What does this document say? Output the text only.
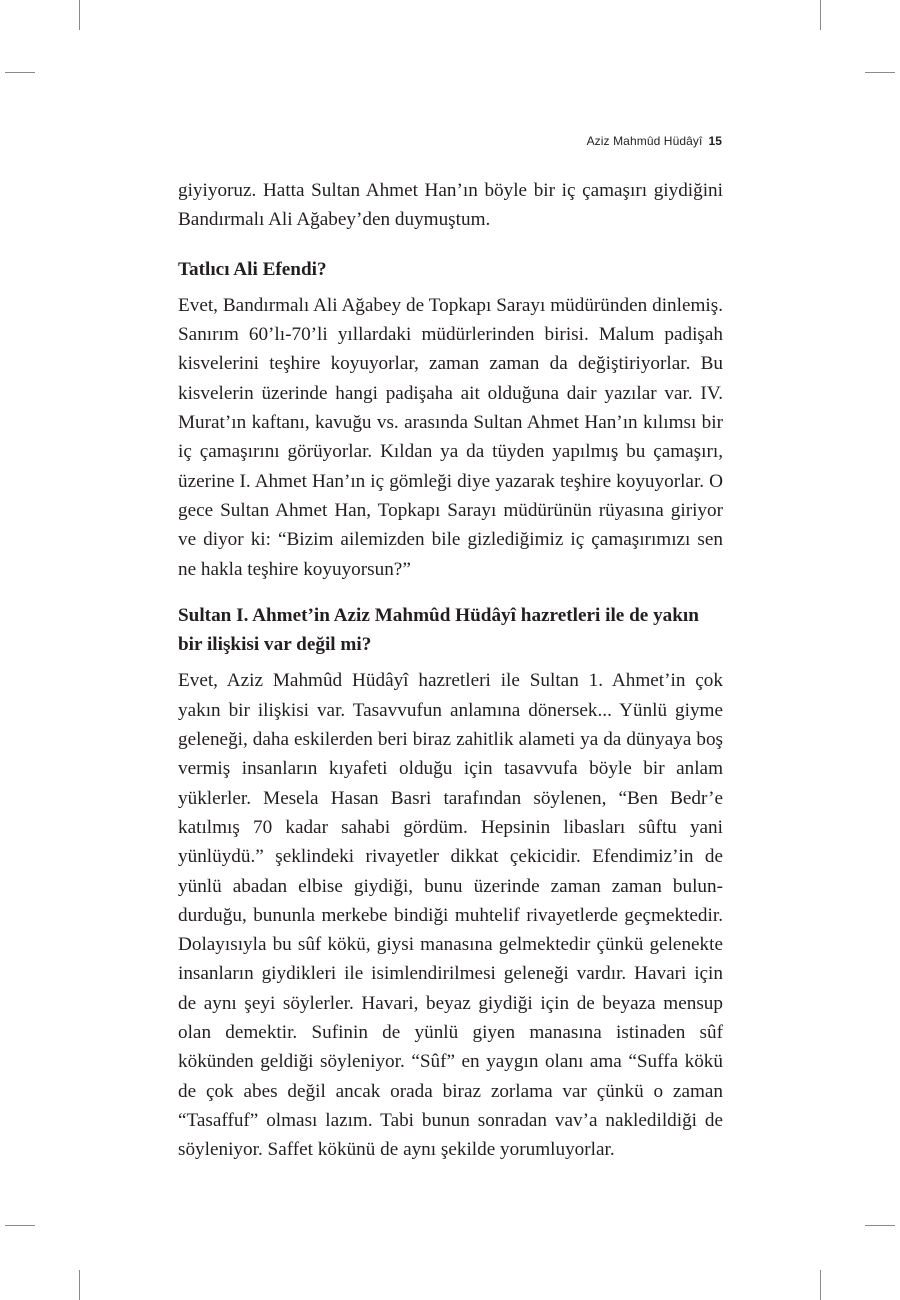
Aziz Mahmûd Hüdâyî 15

giyiyoruz. Hatta Sultan Ahmet Han’ın böyle bir iç çamaşırı giydiğini Bandırmalı Ali Ağabey’den duymuştum.

Tatlıcı Ali Efendi?

Evet, Bandırmalı Ali Ağabey de Topkapı Sarayı müdüründen dinlemiş. Sanırım 60’lı-70’li yıllardaki müdürlerinden birisi. Malum padişah kisvelerini teşhire koyuyorlar, zaman zaman da değiştiriyorlar. Bu kisvelerin üzerinde hangi padişaha ait olduğuna dair yazılar var. IV. Murat’ın kaftanı, kavuğu vs. arasında Sultan Ahmet Han’ın kılımsı bir iç çamaşırını görüyorlar. Kıldan ya da tüyden yapılmış bu çamaşırı, üzerine I. Ahmet Han’ın iç gömleği diye yazarak teşhire koyuyorlar. O gece Sultan Ahmet Han, Topkapı Sarayı müdürünün rüyasına giriyor ve diyor ki: “Bizim ailemizden bile gizlediğimiz iç çamaşırımızı sen ne hakla teşhire koyuyorsun?”

Sultan I. Ahmet’in Aziz Mahmûd Hüdâyî hazretleri ile de yakın bir ilişkisi var değil mi?

Evet, Aziz Mahmûd Hüdâyî hazretleri ile Sultan 1. Ahmet’in çok yakın bir ilişkisi var. Tasavvufun anlamına dönersek... Yünlü giyme geleneği, daha eskilerden beri biraz zahitlik alameti ya da dünyaya boş vermiş insanların kıyafeti olduğu için tasavvufa böyle bir anlam yüklerler. Mesela Hasan Basri tarafından söylenen, “Ben Bedr’e katılmış 70 kadar sahabi gördüm. Hepsinin libasları sûftu yani yünlüydü.” şeklindeki rivayetler dikkat çekicidir. Efendimiz’in de yünlü abadan elbise giydiği, bunu üzerinde zaman zaman bulundurduğu, bununla merkebe bindiği muhtelif rivayetlerde geçmektedir. Dolayısıyla bu sûf kökü, giysi manasına gelmektedir çünkü gelenekte insanların giydikleri ile isimlendirilmesi geleneği vardır. Havari için de aynı şeyi söylerler. Havari, beyaz giydiği için de beyaza mensup olan demektir. Sufinin de yünlü giyen manasına istinaden sûf kökünden geldiği söyleniyor. “Sûf” en yaygın olanı ama “Suffa kökü de çok abes değil ancak orada biraz zorlama var çünkü o zaman “Tasaffuf” olması lazım. Tabi bunun sonradan vav’a nakledildiği de söyleniyor. Saffet kökünü de aynı şekilde yorumluyorlar.
